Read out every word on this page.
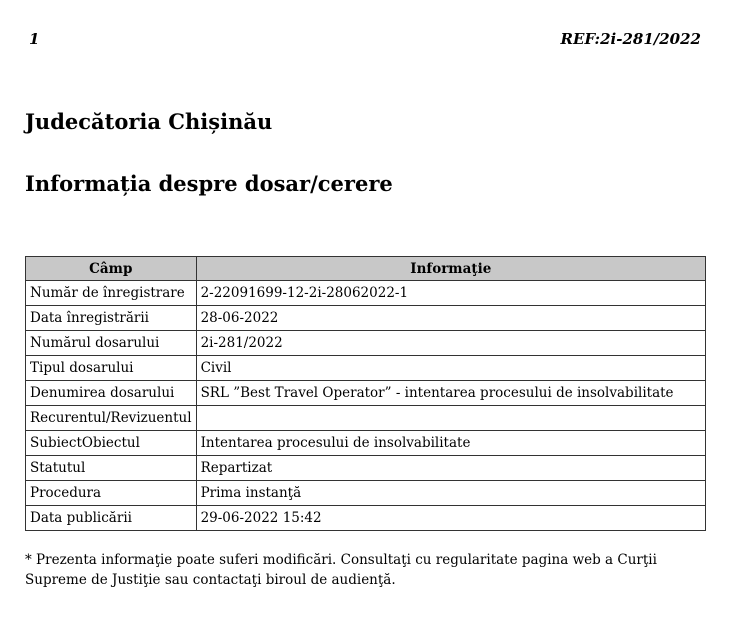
1	REF:2i-281/2022
Judecătoria Chișinău
Informația despre dosar/cerere
Câmp	Informaţie
Număr de înregistrare	2-22091699-12-2i-28062022-1
Data înregistrării	28-06-2022
Numărul dosarului	2i-281/2022
Tipul dosarului	Civil
Denumirea dosarului	SRL ”Best Travel Operator” - intentarea procesului de insolvabilitate
Recurentul/Revizuentul	
SubiectObiectul	Intentarea procesului de insolvabilitate
Statutul	Repartizat
Procedura	Prima instanţă
Data publicării	29-06-2022 15:42

* Prezenta informaţie poate suferi modificări. Consultaţi cu regularitate pagina web a Curţii Supreme de Justiţie sau contactaţi biroul de audienţă.
